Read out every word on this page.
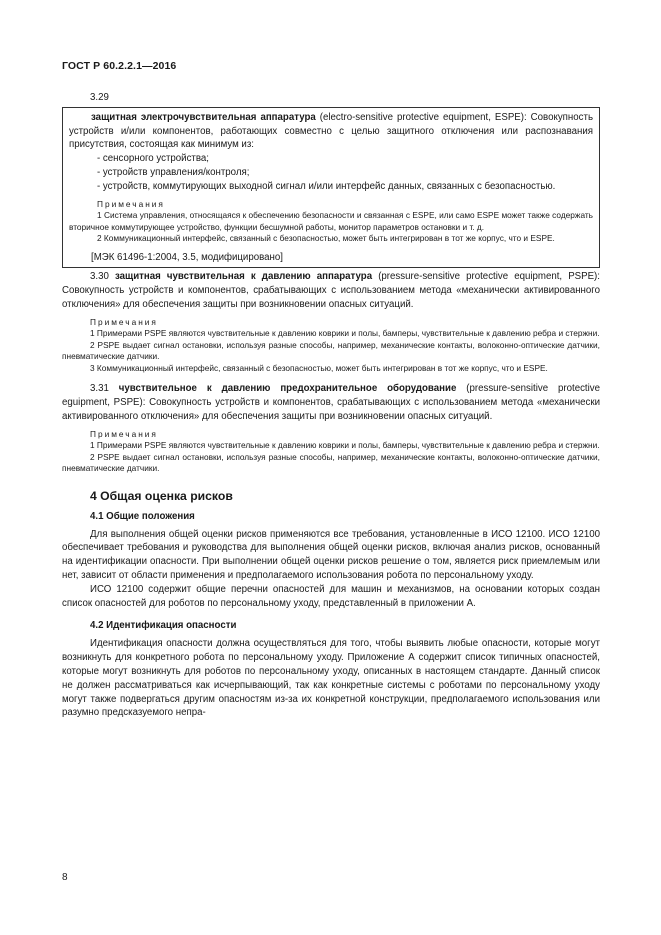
ГОСТ Р 60.2.2.1—2016
3.29

защитная электрочувствительная аппаратура (electro-sensitive protective equipment, ESPE): Совокупность устройств и/или компонентов, работающих совместно с целью защитного отключения или распознавания присутствия, состоящая как минимум из:

- сенсорного устройства;
- устройств управления/контроля;
- устройств, коммутирующих выходной сигнал и/или интерфейс данных, связанных с безопасностью.
Примечания

1 Система управления, относящаяся к обеспечению безопасности и связанная с ESPE, или само ESPE может также содержать вторичное коммутирующее устройство, функции бесшумной работы, монитор параметров остановки и т. д.

2 Коммуникационный интерфейс, связанный с безопасностью, может быть интегрирован в тот же корпус, что и ESPE.

[МЭК 61496-1:2004, 3.5, модифицировано]

3.30 защитная чувствительная к давлению аппаратура (pressure-sensitive protective equipment, PSPE): Совокупность устройств и компонентов, срабатывающих с использованием метода «механически активированного отключения» для обеспечения защиты при возникновении опасных ситуаций.

Примечания

1 Примерами PSPE являются чувствительные к давлению коврики и полы, бамперы, чувствительные к давлению ребра и стержни.

2 PSPE выдает сигнал остановки, используя разные способы, например, механические контакты, волоконно-оптические датчики, пневматические датчики.

3 Коммуникационный интерфейс, связанный с безопасностью, может быть интегрирован в тот же корпус, что и ESPE.

3.31 чувствительное к давлению предохранительное оборудование (pressure-sensitive protective eguipment, PSPE): Совокупность устройств и компонентов, срабатывающих с использованием метода «механически активированного отключения» для обеспечения защиты при возникновении опасных ситуаций.

Примечания

1 Примерами PSPE являются чувствительные к давлению коврики и полы, бамперы, чувствительные к давлению ребра и стержни.

2 PSPE выдает сигнал остановки, используя разные способы, например, механические контакты, волоконно-оптические датчики, пневматические датчики.

4 Общая оценка рисков
4.1 Общие положения

Для выполнения общей оценки рисков применяются все требования, установленные в ИСО 12100. ИСО 12100 обеспечивает требования и руководства для выполнения общей оценки рисков, включая анализ рисков, основанный на идентификации опасности. При выполнении общей оценки рисков решение о том, является риск приемлемым или нет, зависит от области применения и предполагаемого использования робота по персональному уходу.

ИСО 12100 содержит общие перечни опасностей для машин и механизмов, на основании которых создан список опасностей для роботов по персональному уходу, представленный в приложении А.

4.2 Идентификация опасности

Идентификация опасности должна осуществляться для того, чтобы выявить любые опасности, которые могут возникнуть для конкретного робота по персональному уходу. Приложение А содержит список типичных опасностей, которые могут возникнуть для роботов по персональному уходу, описанных в настоящем стандарте. Данный список не должен рассматриваться как исчерпывающий, так как конкретные системы с роботами по персональному уходу могут также подвергаться другим опасностям из-за их конкретной конструкции, предполагаемого использования или разумно предсказуемого непра-

8
